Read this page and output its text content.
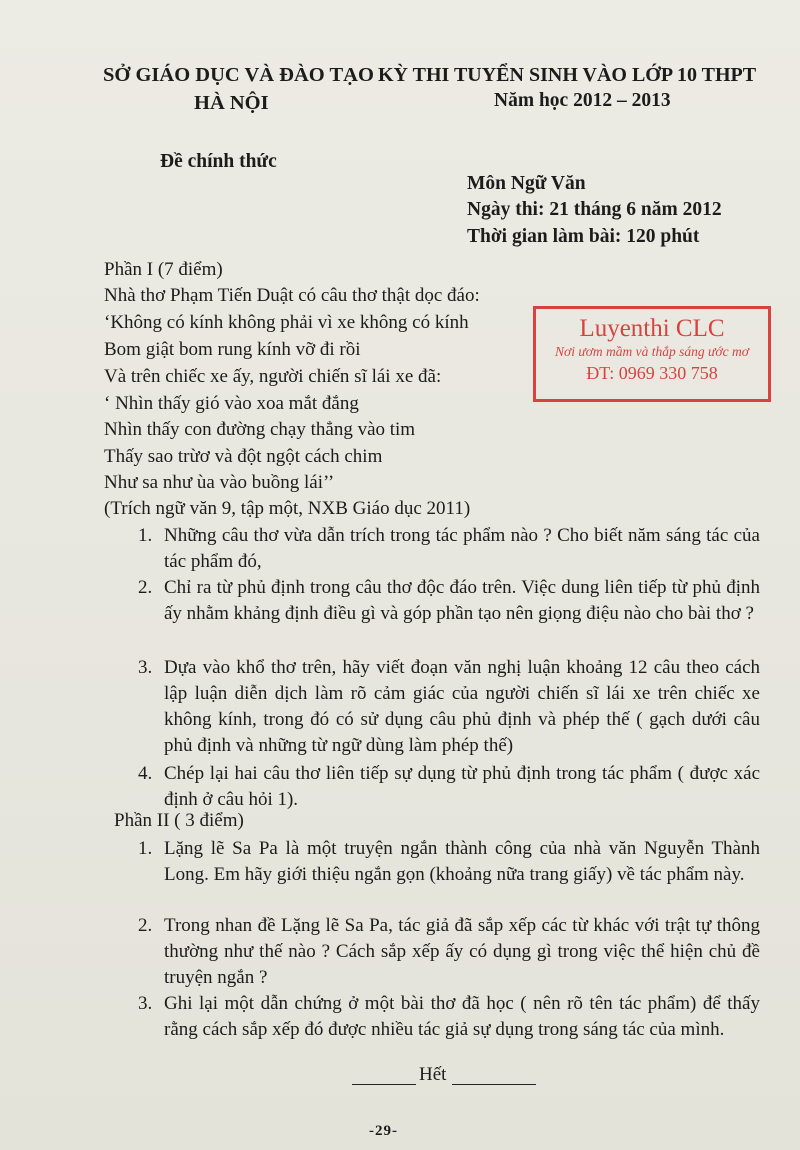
SỞ GIÁO DỤC VÀ ĐÀO TẠO
HÀ NỘI
KỲ THI TUYỂN SINH VÀO LỚP 10 THPT
Năm học 2012 – 2013
Đề chính thức
Môn Ngữ Văn
Ngày thi: 21 tháng 6 năm 2012
Thời gian làm bài: 120 phút
Phần I (7 điểm)
Nhà thơ Phạm Tiến Duật có câu thơ thật dọc đáo:
‘Không có kính không phải vì xe không có kính
Bom giật bom rung kính vỡ đi rồi
Và trên chiếc xe ấy, người chiến sĩ lái xe đã:
‘ Nhìn thấy gió vào xoa mắt đắng
Nhìn thấy con đường chạy thẳng vào tim
Thấy sao trừơ và đột ngột cách chim
Như sa như ùa vào buồng lái’’
(Trích ngữ văn 9, tập một, NXB Giáo dục 2011)
Luyenthi CLC
Nơi ươm mầm và thắp sáng ước mơ
ĐT: 0969 330 758
1. Những câu thơ vừa dẫn trích trong tác phẩm nào ? Cho biết năm sáng tác của tác phẩm đó,
2. Chỉ ra từ phủ định trong câu thơ độc đáo trên. Việc dung liên tiếp từ phủ định ấy nhằm khảng định điều gì và góp phần tạo nên giọng điệu nào cho bài thơ ?
3. Dựa vào khổ thơ trên, hãy viết đoạn văn nghị luận khoảng 12 câu theo cách lập luận diễn dịch làm rõ cảm giác của người chiến sĩ lái xe trên chiếc xe không kính, trong đó có sử dụng câu phủ định và phép thế ( gạch dưới câu phủ định và những từ ngữ dùng làm phép thế)
4. Chép lại hai câu thơ liên tiếp sự dụng từ phủ định trong tác phẩm ( được xác định ở câu hỏi 1).
Phần II ( 3 điểm)
1. Lặng lẽ Sa Pa là một truyện ngắn thành công của nhà văn Nguyễn Thành Long. Em hãy giới thiệu ngắn gọn (khoảng nữa trang giấy) về tác phẩm này.
2. Trong nhan đề Lặng lẽ Sa Pa, tác giả đã sắp xếp các từ khác với trật tự thông thường như thế nào ? Cách sắp xếp ấy có dụng gì trong việc thể hiện chủ đề truyện ngắn ?
3. Ghi lại một dẫn chứng ở một bài thơ đã học ( nên rõ tên tác phẩm) để thấy rằng cách sắp xếp đó được nhiều tác giả sự dụng trong sáng tác của mình.
Hết
-29-
